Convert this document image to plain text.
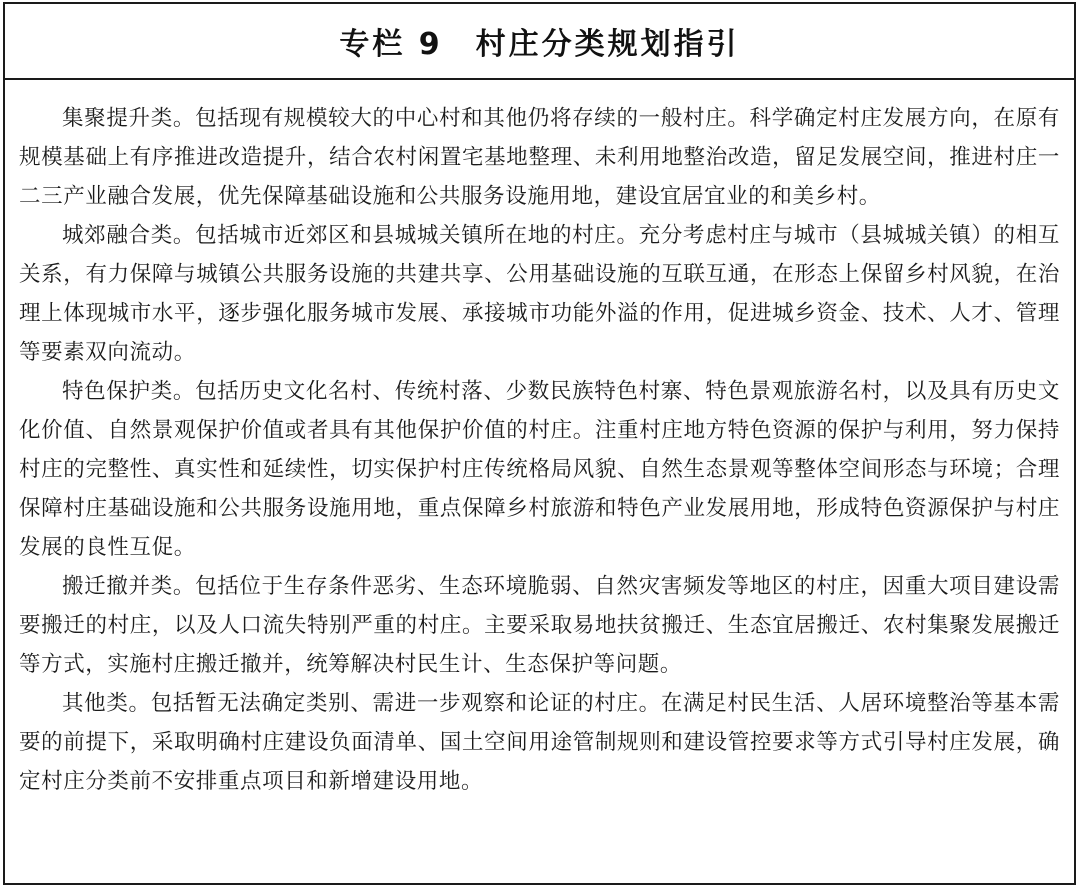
专栏 9　村庄分类规划指引

集聚提升类。包括现有规模较大的中心村和其他仍将存续的一般村庄。科学确定村庄发展方向，在原有规模基础上有序推进改造提升，结合农村闲置宅基地整理、未利用地整治改造，留足发展空间，推进村庄一二三产业融合发展，优先保障基础设施和公共服务设施用地，建设宜居宜业的和美乡村。

城郊融合类。包括城市近郊区和县城城关镇所在地的村庄。充分考虑村庄与城市（县城城关镇）的相互关系，有力保障与城镇公共服务设施的共建共享、公用基础设施的互联互通，在形态上保留乡村风貌，在治理上体现城市水平，逐步强化服务城市发展、承接城市功能外溢的作用，促进城乡资金、技术、人才、管理等要素双向流动。

特色保护类。包括历史文化名村、传统村落、少数民族特色村寨、特色景观旅游名村，以及具有历史文化价值、自然景观保护价值或者具有其他保护价值的村庄。注重村庄地方特色资源的保护与利用，努力保持村庄的完整性、真实性和延续性，切实保护村庄传统格局风貌、自然生态景观等整体空间形态与环境；合理保障村庄基础设施和公共服务设施用地，重点保障乡村旅游和特色产业发展用地，形成特色资源保护与村庄发展的良性互促。

搬迁撤并类。包括位于生存条件恶劣、生态环境脆弱、自然灾害频发等地区的村庄，因重大项目建设需要搬迁的村庄，以及人口流失特别严重的村庄。主要采取易地扶贫搬迁、生态宜居搬迁、农村集聚发展搬迁等方式，实施村庄搬迁撤并，统筹解决村民生计、生态保护等问题。

其他类。包括暂无法确定类别、需进一步观察和论证的村庄。在满足村民生活、人居环境整治等基本需要的前提下，采取明确村庄建设负面清单、国土空间用途管制规则和建设管控要求等方式引导村庄发展，确定村庄分类前不安排重点项目和新增建设用地。
